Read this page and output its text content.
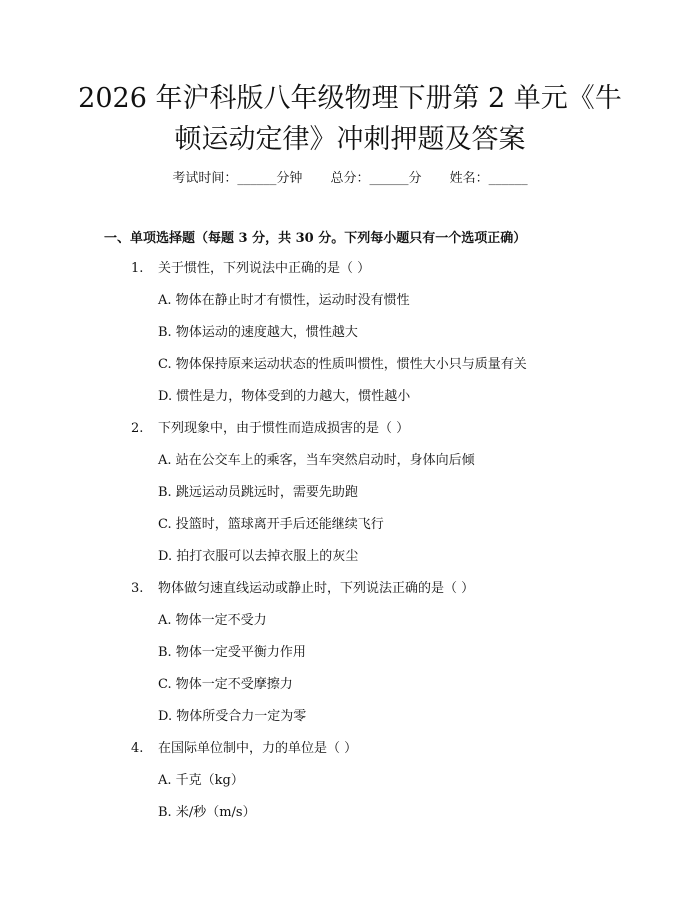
2026 年沪科版八年级物理下册第 2 单元《牛
顿运动定律》冲刺押题及答案
考试时间：______分钟 总分：______分 姓名：______
一、单项选择题（每题 3 分，共 30 分。下列每小题只有一个选项正确）
1.	关于惯性，下列说法中正确的是（ ）
A. 物体在静止时才有惯性，运动时没有惯性
B. 物体运动的速度越大，惯性越大
C. 物体保持原来运动状态的性质叫惯性，惯性大小只与质量有关
D. 惯性是力，物体受到的力越大，惯性越小
2.	下列现象中，由于惯性而造成损害的是（ ）
A. 站在公交车上的乘客，当车突然启动时，身体向后倾
B. 跳远运动员跳远时，需要先助跑
C. 投篮时，篮球离开手后还能继续飞行
D. 拍打衣服可以去掉衣服上的灰尘
3.	物体做匀速直线运动或静止时，下列说法正确的是（ ）
A. 物体一定不受力
B. 物体一定受平衡力作用
C. 物体一定不受摩擦力
D. 物体所受合力一定为零
4.	在国际单位制中，力的单位是（ ）
A. 千克（kg）
B. 米/秒（m/s）
